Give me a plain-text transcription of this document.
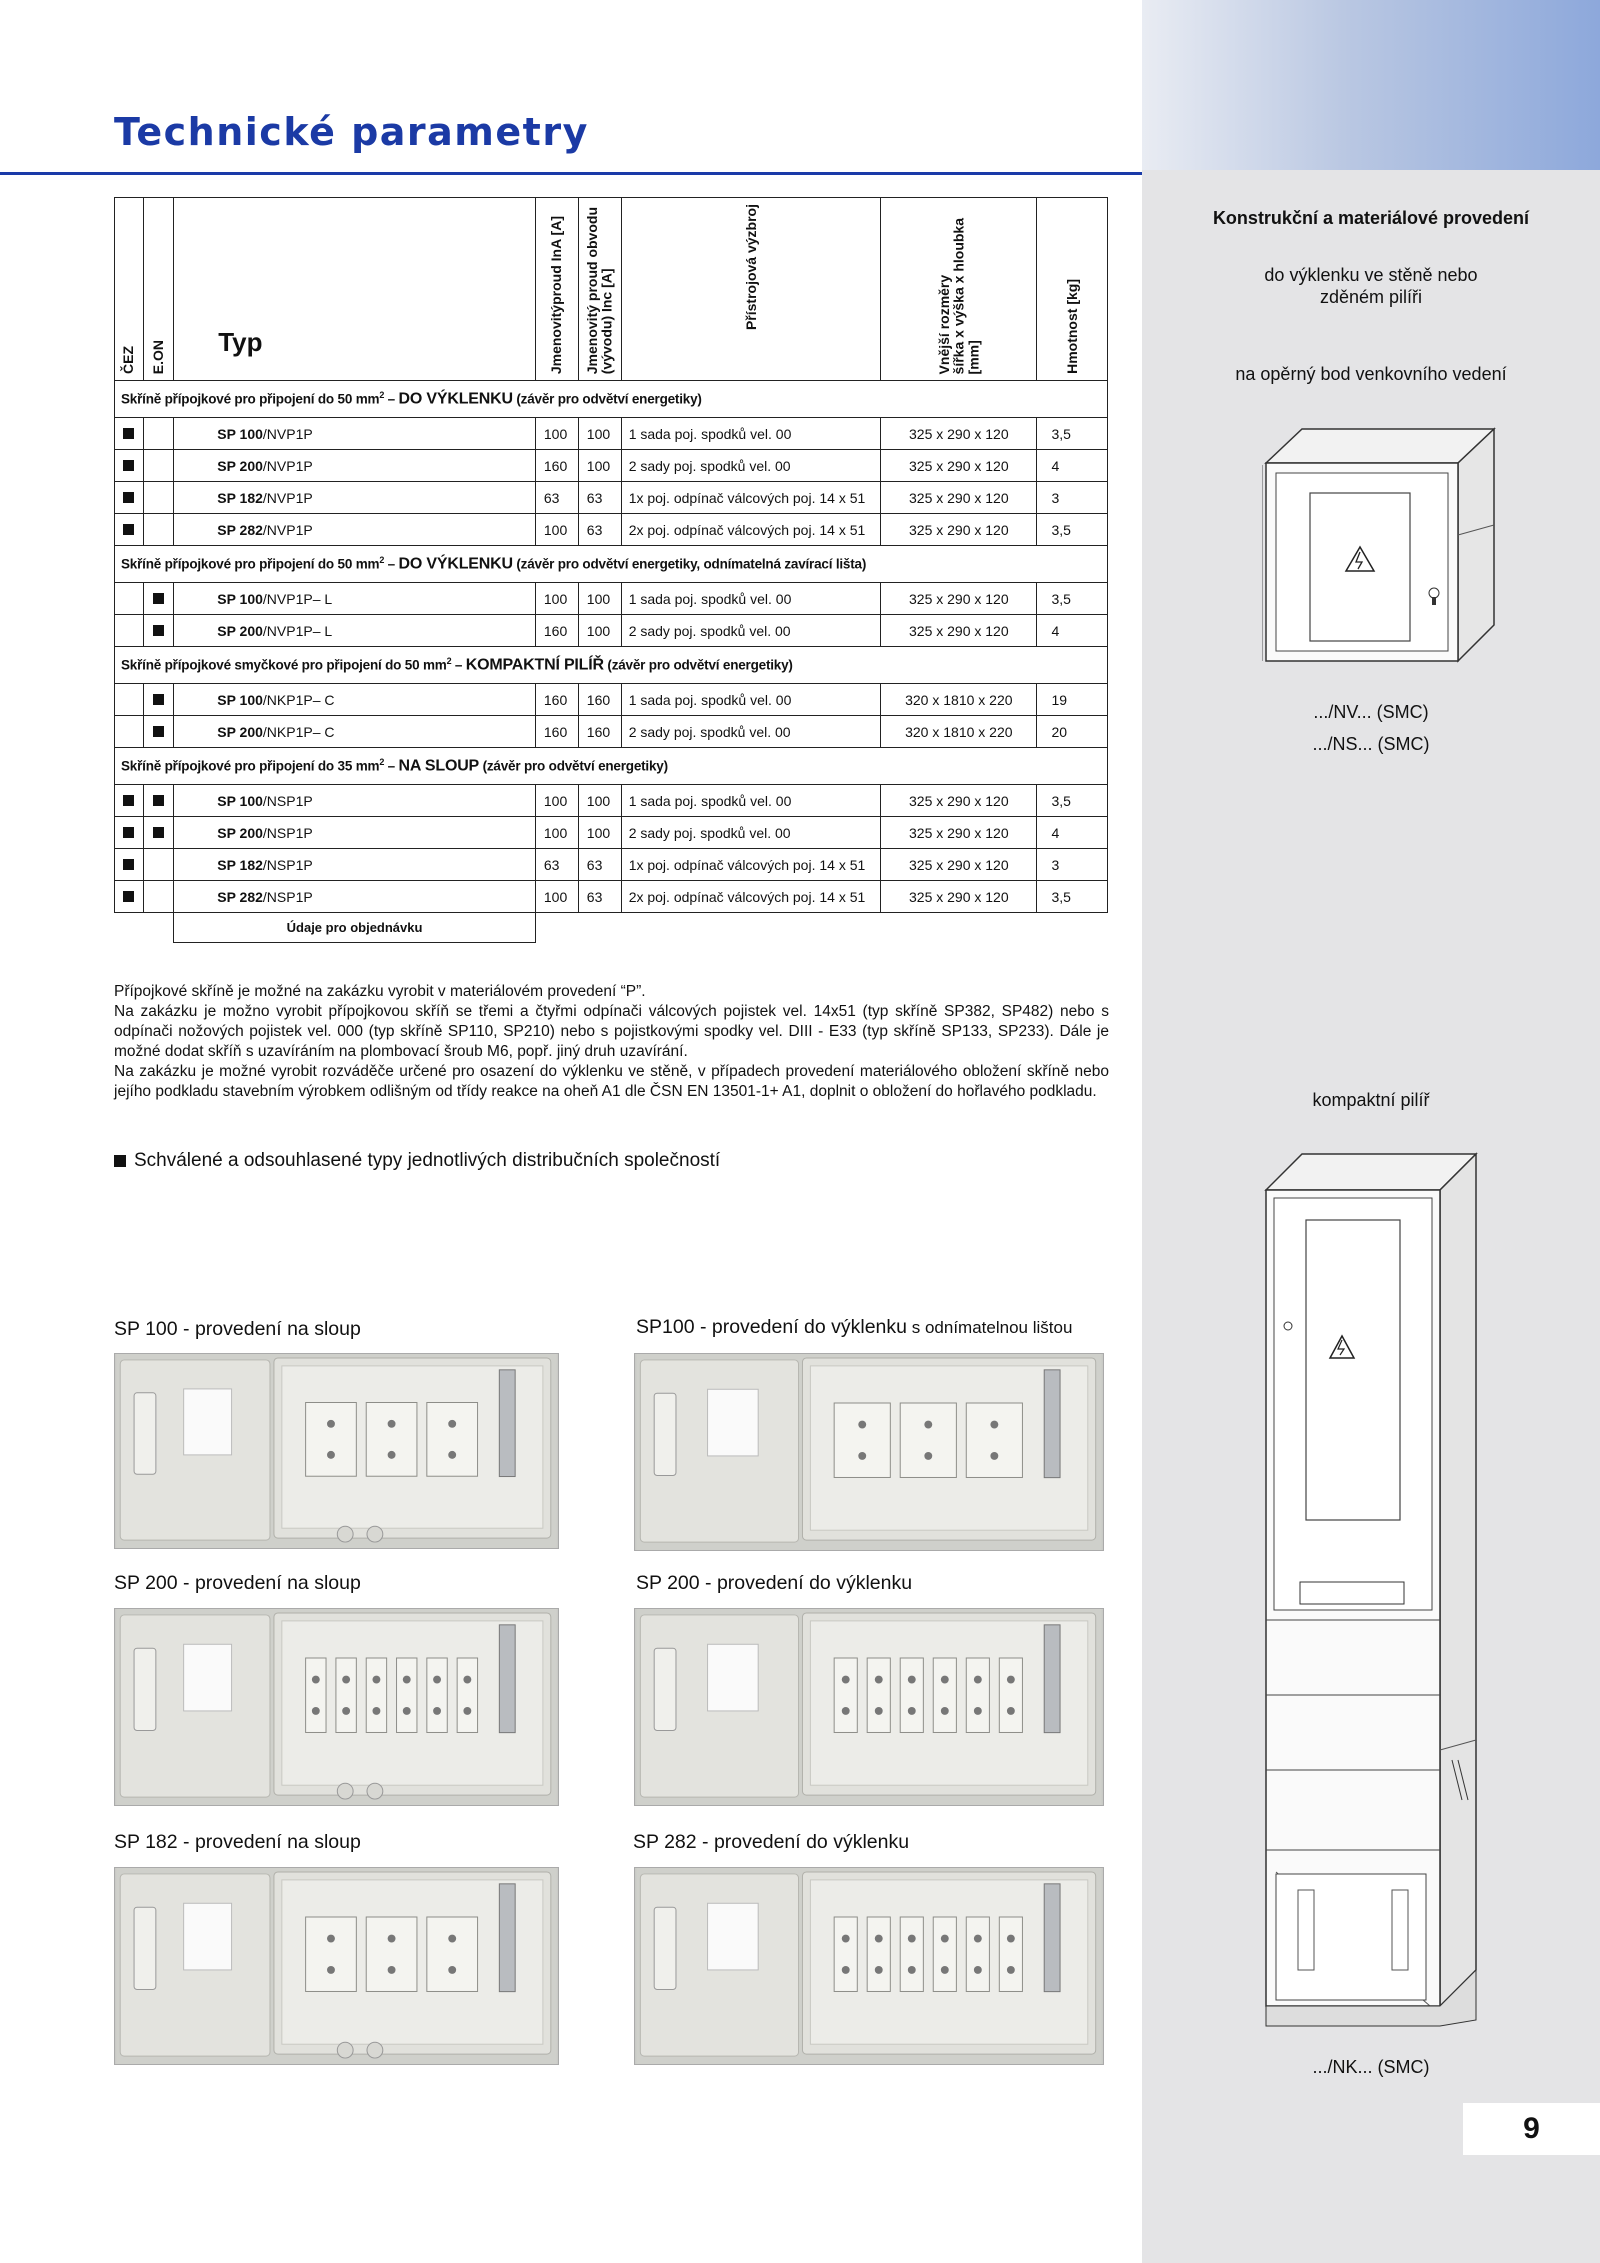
Technické parametry
ČEZ	E.ON	Typ	Jmenovitýproud InA [A]	Jmenovitý proud obvodu
(vývodu) Inc [A]	Přístrojová výzbroj	Vnější rozměry
šířka x výška x hloubka
[mm]	Hmotnost [kg]

Skříně přípojkové pro připojení do 50 $mm^2$ – DO VÝKLENKU (závěr pro odvětví energetiky)							
		SP 100/NVP1P	100	100	1 sada poj. spodků vel. 00	325 x 290 x 120	3,5
		SP 200/NVP1P	160	100	2 sady poj. spodků vel. 00	325 x 290 x 120	4
		SP 182/NVP1P	63	63	1x poj. odpínač válcových poj. 14 x 51	325 x 290 x 120	3
		SP 282/NVP1P	100	63	2x poj. odpínač válcových poj. 14 x 51	325 x 290 x 120	3,5
Skříně přípojkové pro připojení do 50 $mm^2$ – DO VÝKLENKU (závěr pro odvětví energetiky, odnímatelná zavírací lišta)							
		SP 100/NVP1P– L	100	100	1 sada poj. spodků vel. 00	325 x 290 x 120	3,5
		SP 200/NVP1P– L	160	100	2 sady poj. spodků vel. 00	325 x 290 x 120	4
Skříně přípojkové smyčkové pro připojení do 50 $mm^2$ – KOMPAKTNÍ PILÍŘ (závěr pro odvětví energetiky)							
		SP 100/NKP1P– C	160	160	1 sada poj. spodků vel. 00	320 x 1810 x 220	19
		SP 200/NKP1P– C	160	160	2 sady poj. spodků vel. 00	320 x 1810 x 220	20
Skříně přípojkové pro připojení do 35 $mm^2$ – NA SLOUP (závěr pro odvětví energetiky)							
		SP 100/NSP1P	100	100	1 sada poj. spodků vel. 00	325 x 290 x 120	3,5
		SP 200/NSP1P	100	100	2 sady poj. spodků vel. 00	325 x 290 x 120	4
		SP 182/NSP1P	63	63	1x poj. odpínač válcových poj. 14 x 51	325 x 290 x 120	3
		SP 282/NSP1P	100	63	2x poj. odpínač válcových poj. 14 x 51	325 x 290 x 120	3,5
		Údaje pro objednávku					

Přípojkové skříně je možné na zakázku vyrobit v materiálovém provedení “P”.

Na zakázku je možno vyrobit přípojkovou skříň se třemi a čtyřmi odpínači válcových pojistek vel. 14x51 (typ skříně SP382, SP482) nebo s odpínači nožových pojistek vel. 000 (typ skříně SP110, SP210) nebo s pojistkovými spodky vel. DIII - E33 (typ skříně SP133, SP233). Dále je možné dodat skříň s uzavíráním na plombovací šroub M6, popř. jiný druh uzavírání.

Na zakázku je možné vyrobit rozváděče určené pro osazení do výklenku ve stěně, v případech provedení materiálového obložení skříně nebo jejího podkladu stavebním výrobkem odlišným od třídy reakce na oheň A1 dle ČSN EN 13501-1+ A1, doplnit o obložení do hořlavého podkladu.

Schválené a odsouhlasené typy jednotlivých distribučních společností
Konstrukční a materiálové provedení
do výklenku ve stěně nebo zděném pilíři
na opěrný bod venkovního vedení
.../NV... (SMC)
.../NS... (SMC)
kompaktní pilíř
.../NK... (SMC)
SP 100 - provedení na sloup	SP100 - provedení do výklenku s odnímatelnou lištou
SP 200 - provedení na sloup	SP 200 - provedení do výklenku
SP 182 - provedení na sloup	SP 282 - provedení do výklenku
9
